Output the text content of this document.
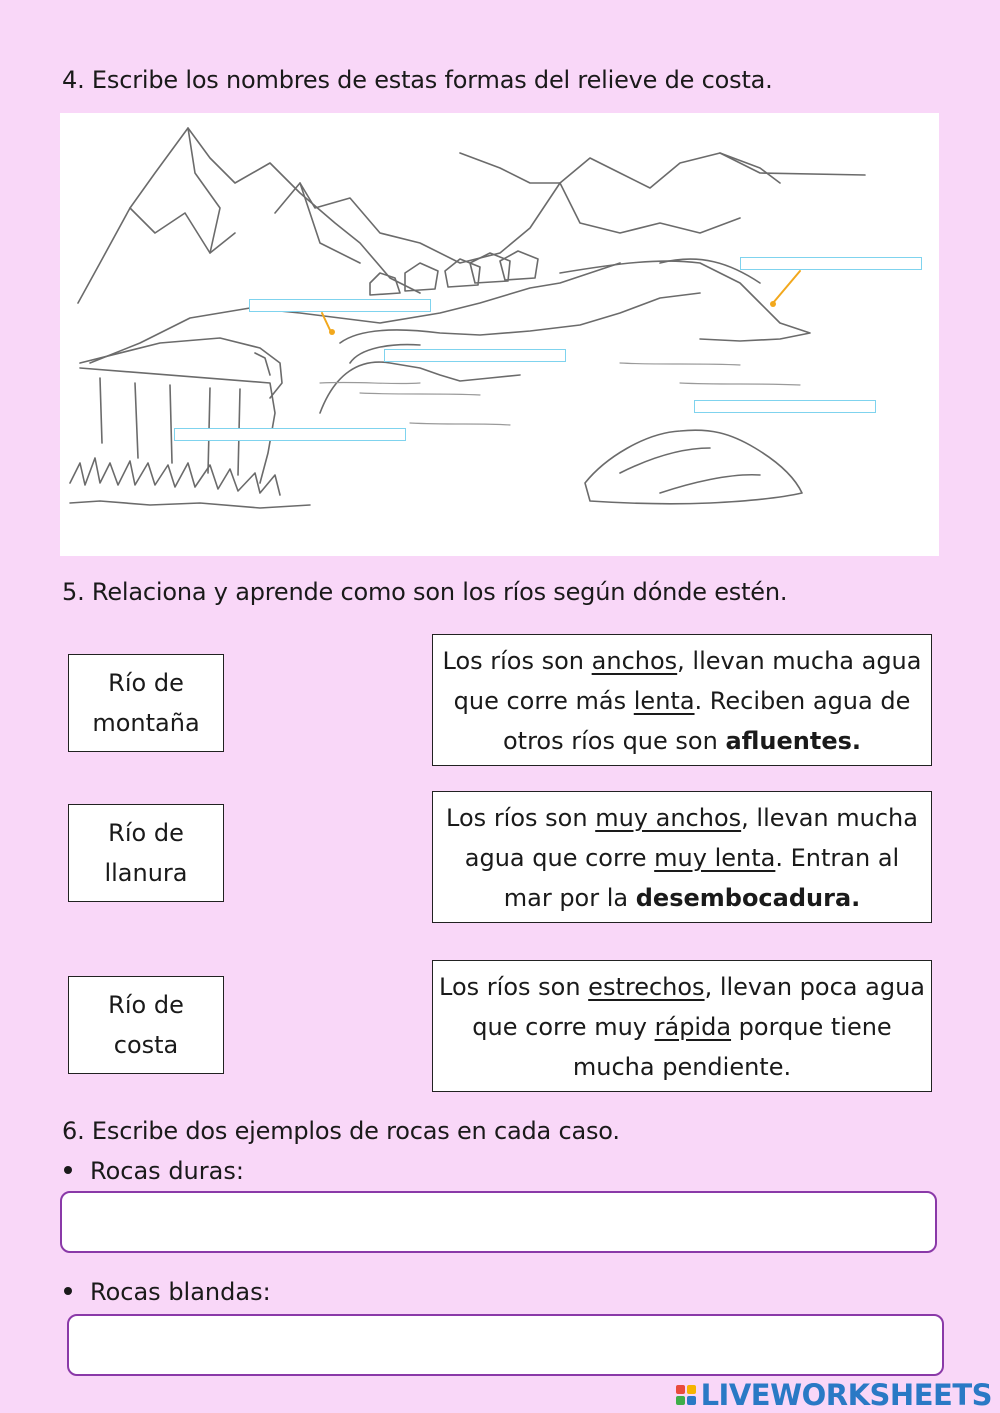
4. Escribe los nombres de estas formas del relieve de costa.
5. Relaciona y aprende como son los ríos según dónde estén.
Río de
montaña
Río de
llanura
Río de
costa
Los ríos son anchos, llevan mucha agua que corre más lenta. Reciben agua de otros ríos que son afluentes.
Los ríos son muy anchos, llevan mucha agua que corre muy lenta. Entran al mar por la desembocadura.
Los ríos son estrechos, llevan poca agua que corre muy rápida porque tiene mucha pendiente.
6. Escribe dos ejemplos de rocas en cada caso.
Rocas duras:
Rocas blandas:
LIVEWORKSHEETS
